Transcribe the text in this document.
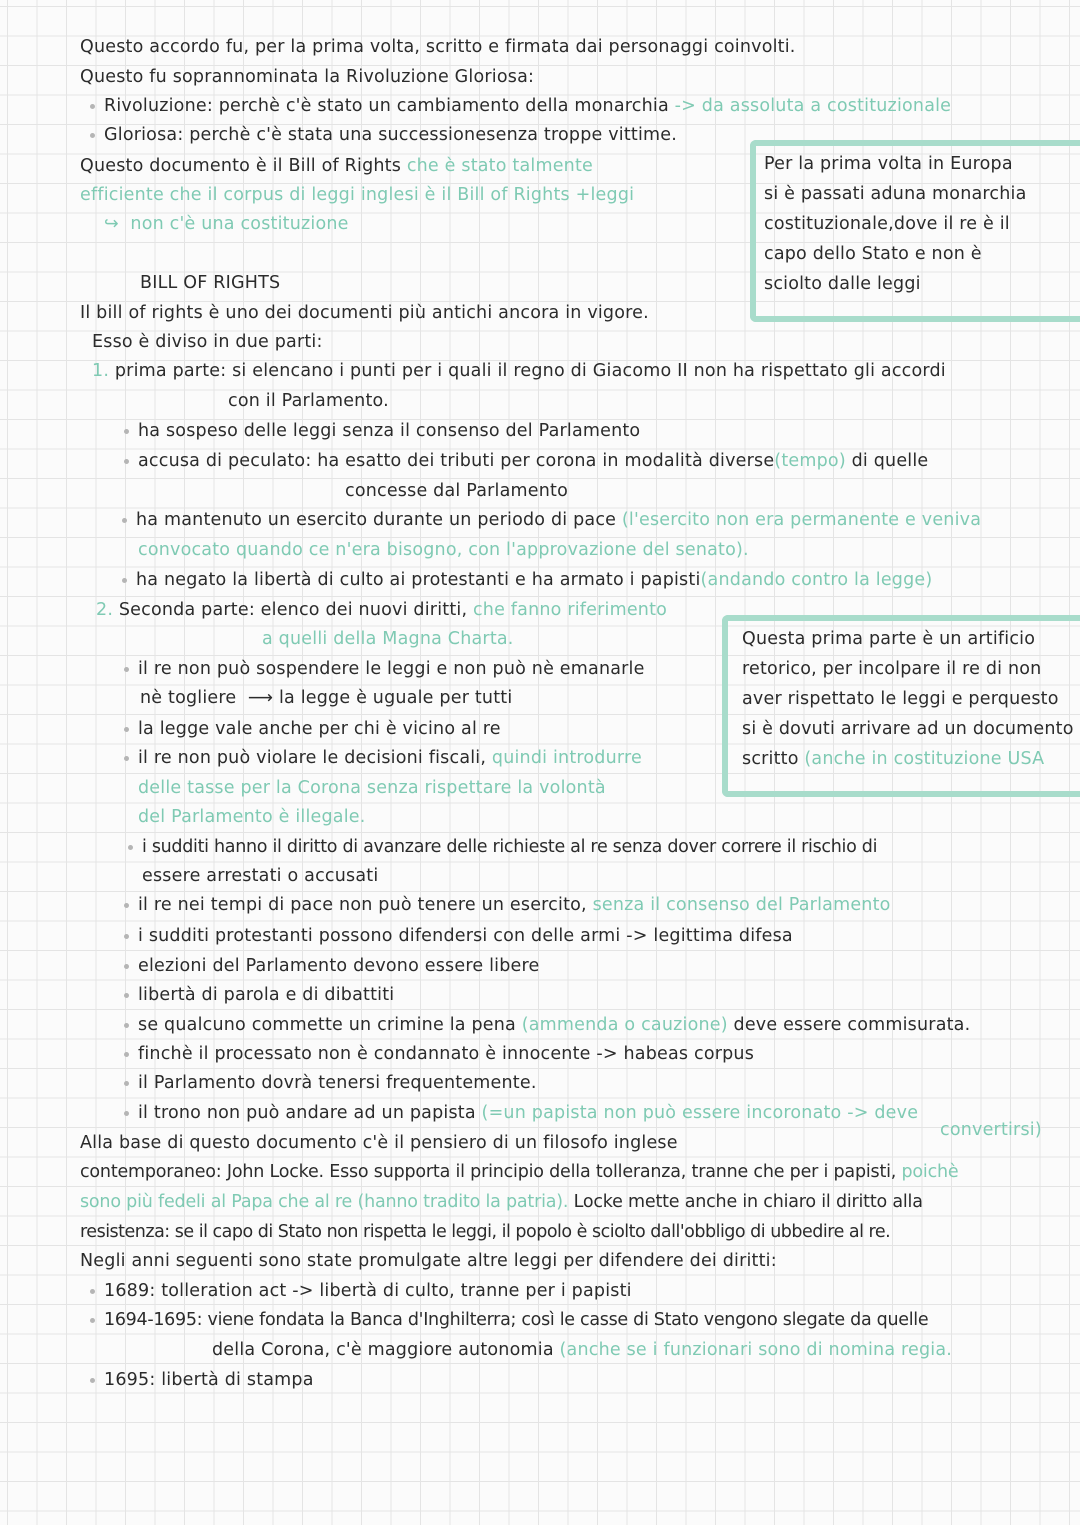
Questo accordo fu, per la prima volta, scritto e firmata dai personaggi coinvolti.
Questo fu soprannominata la Rivoluzione Gloriosa:
Rivoluzione: perchè c'è stato un cambiamento della monarchia -> da assoluta a costituzionale
Gloriosa: perchè c'è stata una successionesenza troppe vittime.
Questo documento è il Bill of Rights che è stato talmente
efficiente che il corpus di leggi inglesi è il Bill of Rights +leggi
↪ non c'è una costituzione
Per la prima volta in Europa
si è passati aduna monarchia
costituzionale,dove il re è il
capo dello Stato e non è
sciolto dalle leggi
BILL OF RIGHTS
Il bill of rights è uno dei documenti più antichi ancora in vigore.
Esso è diviso in due parti:
1. prima parte: si elencano i punti per i quali il regno di Giacomo II non ha rispettato gli accordi
con il Parlamento.
ha sospeso delle leggi senza il consenso del Parlamento
accusa di peculato: ha esatto dei tributi per corona in modalità diverse(tempo) di quelle
concesse dal Parlamento
ha mantenuto un esercito durante un periodo di pace (l'esercito non era permanente e veniva
convocato quando ce n'era bisogno, con l'approvazione del senato).
ha negato la libertà di culto ai protestanti e ha armato i papisti(andando contro la legge)
2. Seconda parte: elenco dei nuovi diritti, che fanno riferimento
a quelli della Magna Charta.
il re non può sospendere le leggi e non può nè emanarle
nè togliere ⟶ la legge è uguale per tutti
la legge vale anche per chi è vicino al re
il re non può violare le decisioni fiscali, quindi introdurre
delle tasse per la Corona senza rispettare la volontà
del Parlamento è illegale.
i sudditi hanno il diritto di avanzare delle richieste al re senza dover correre il rischio di
essere arrestati o accusati
il re nei tempi di pace non può tenere un esercito, senza il consenso del Parlamento
i sudditi protestanti possono difendersi con delle armi -> legittima difesa
elezioni del Parlamento devono essere libere
libertà di parola e di dibattiti
se qualcuno commette un crimine la pena (ammenda o cauzione) deve essere commisurata.
finchè il processato non è condannato è innocente -> habeas corpus
il Parlamento dovrà tenersi frequentemente.
il trono non può andare ad un papista (=un papista non può essere incoronato -> deve
convertirsi)
Questa prima parte è un artificio
retorico, per incolpare il re di non
aver rispettato le leggi e perquesto
si è dovuti arrivare ad un documento
scritto (anche in costituzione USA
Alla base di questo documento c'è il pensiero di un filosofo inglese
contemporaneo: John Locke. Esso supporta il principio della tolleranza, tranne che per i papisti, poichè
sono più fedeli al Papa che al re (hanno tradito la patria). Locke mette anche in chiaro il diritto alla
resistenza: se il capo di Stato non rispetta le leggi, il popolo è sciolto dall'obbligo di ubbedire al re.
Negli anni seguenti sono state promulgate altre leggi per difendere dei diritti:
1689: tolleration act -> libertà di culto, tranne per i papisti
1694-1695: viene fondata la Banca d'Inghilterra; così le casse di Stato vengono slegate da quelle
della Corona, c'è maggiore autonomia (anche se i funzionari sono di nomina regia.
1695: libertà di stampa
